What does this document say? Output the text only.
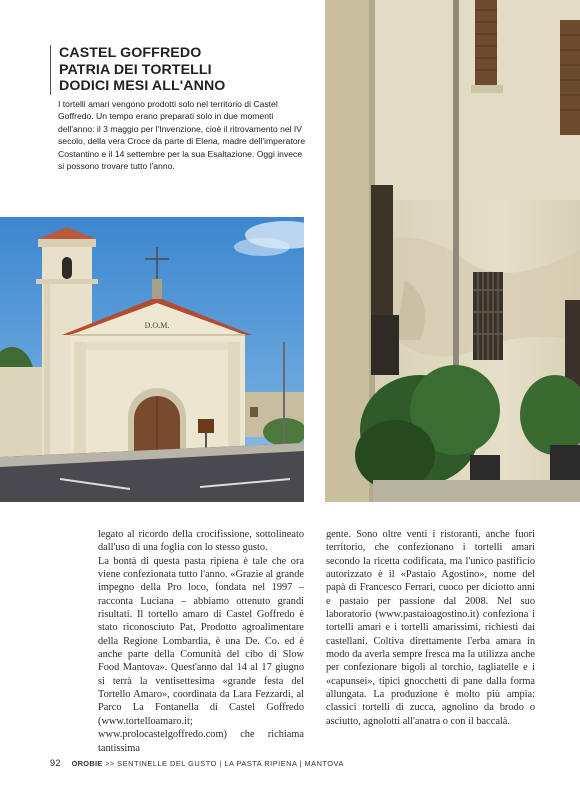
CASTEL GOFFREDO
PATRIA DEI TORTELLI
DODICI MESI ALL'ANNO
I tortelli amari vengono prodotti solo nel territorio di Castel Goffredo. Un tempo erano preparati solo in due momenti dell'anno: il 3 maggio per l'Invenzione, cioè il ritrovamento nel IV secolo, della vera Croce da parte di Elena, madre dell'imperatore Costantino e il 14 settembre per la sua Esaltazione. Oggi invece si possono trovare tutto l'anno.
D.O.M.

legato al ricordo della crocifissione, sottolineato dall'uso di una foglia con lo stesso gusto.

La bontà di questa pasta ripiena è tale che ora viene confezionata tutto l'anno. «Grazie al grande impegno della Pro loco, fondata nel 1997 – racconta Luciana – abbiamo ottenuto grandi risultati. Il tortello amaro di Castel Goffredo è stato riconosciuto Pat, Prodotto agroalimentare della Regione Lombardia, è una De. Co. ed è anche parte della Comunità del cibo di Slow Food Mantova». Quest'anno dal 14 al 17 giugno si terrà la ventisettesima «grande festa del Tortello Amaro», coordinata da Lara Fezzardi, al Parco La Fontanella di Castel Goffredo (www.tortelloamaro.it; www.prolocastelgoffredo.com) che richiama tantissima

gente. Sono oltre venti i ristoranti, anche fuori territorio, che confezionano i tortelli amari secondo la ricetta codificata, ma l'unico pastificio autorizzato è il «Pastaio Agostino», nome del papà di Francesco Ferrari, cuoco per diciotto anni e pastaio per passione dal 2008. Nel suo laboratorio (www.pastaioagostino.it) confeziona i tortelli amari e i tortelli amarissimi, richiesti dai castellani. Coltiva direttamente l'erba amara in modo da averla sempre fresca ma la utilizza anche per confezionare bigoli al torchio, tagliatelle e i «capunsei», tipici gnocchetti di pane dalla forma allungata. La produzione è molto più ampia: classici tortelli di zucca, agnolino da brodo o asciutto, agnolotti all'anatra o con il baccalà.

92 OROBIE >> SENTINELLE DEL GUSTO | LA PASTA RIPIENA | MANTOVA
